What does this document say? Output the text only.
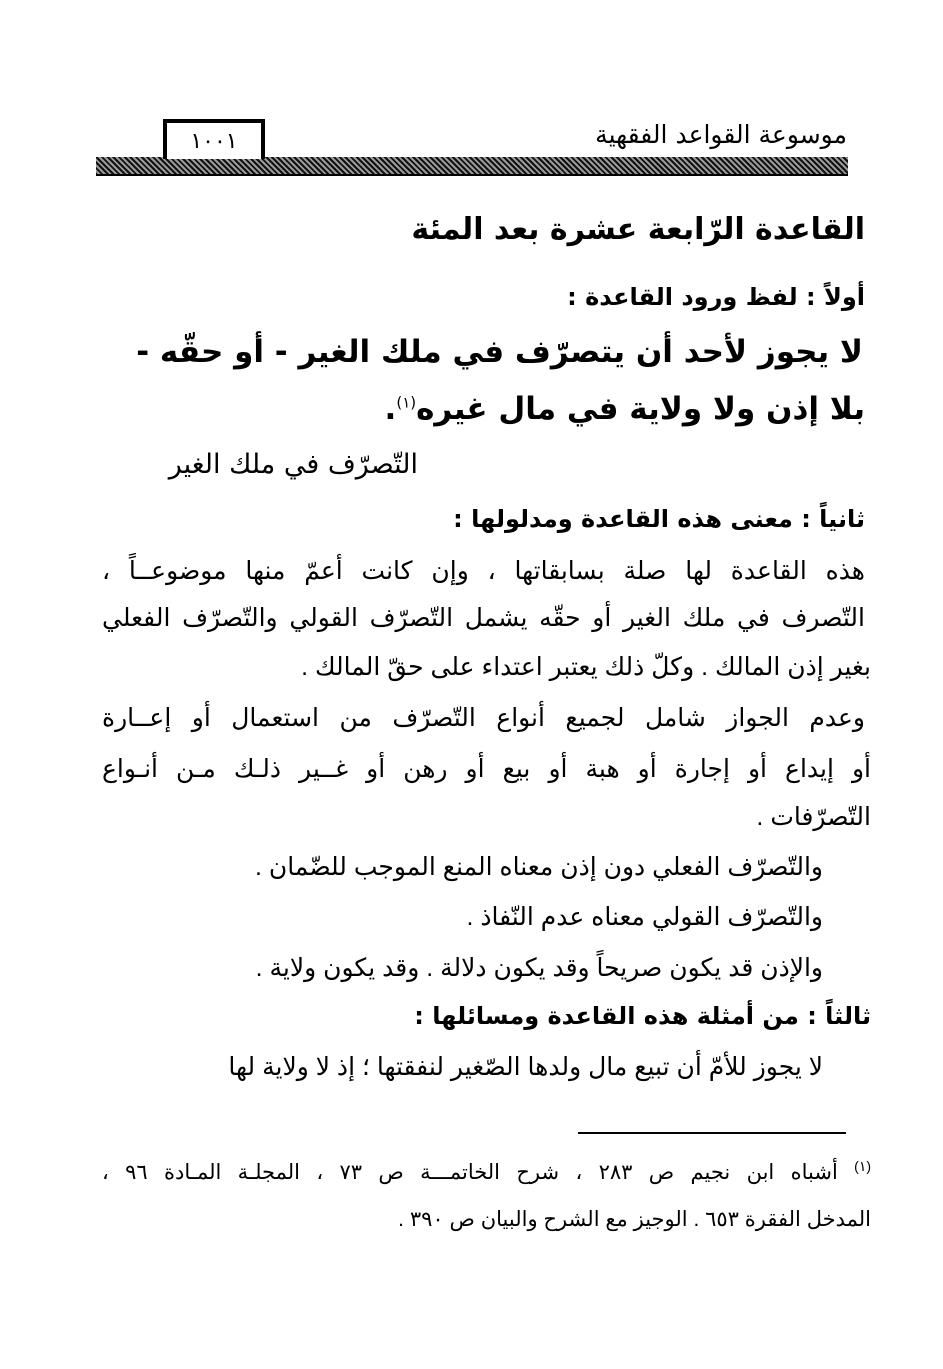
موسوعة القواعد الفقهية
١٠٠١
القاعدة الرّابعة عشرة بعد المئة
أولاً : لفظ ورود القاعدة :
لا يجوز لأحد أن يتصرّف في ملك الغير - أو حقّه -
بلا إذن ولا ولاية في مال غيره$^{(١)}$.
التّصرّف في ملك الغير
ثانياً : معنى هذه القاعدة ومدلولها :
هذه القاعدة لها صلة بسابقاتها ، وإن كانت أعمّ منها موضوعــاً ،
التّصرف في ملك الغير أو حقّه يشمل التّصرّف القولي والتّصرّف الفعلي
بغير إذن المالك . وكلّ ذلك يعتبر اعتداء على حقّ المالك .
وعدم الجواز شامل لجميع أنواع التّصرّف من استعمال أو إعــارة
أو إيداع أو إجارة أو هبة أو بيع أو رهن أو غــير ذلـك مـن أنـواع
التّصرّفات .
والتّصرّف الفعلي دون إذن معناه المنع الموجب للضّمان .
والتّصرّف القولي معناه عدم النّفاذ .
والإذن قد يكون صريحاً وقد يكون دلالة . وقد يكون ولاية .
ثالثاً : من أمثلة هذه القاعدة ومسائلها :
لا يجوز للأمّ أن تبيع مال ولدها الصّغير لنفقتها ؛ إذ لا ولاية لها
$^{(١)}$ أشباه ابن نجيم ص ٢٨٣ ، شرح الخاتمـــة ص ٧٣ ، المجلـة المـادة ٩٦ ،
المدخل الفقرة ٦٥٣ . الوجيز مع الشرح والبيان ص ٣٩٠ .
